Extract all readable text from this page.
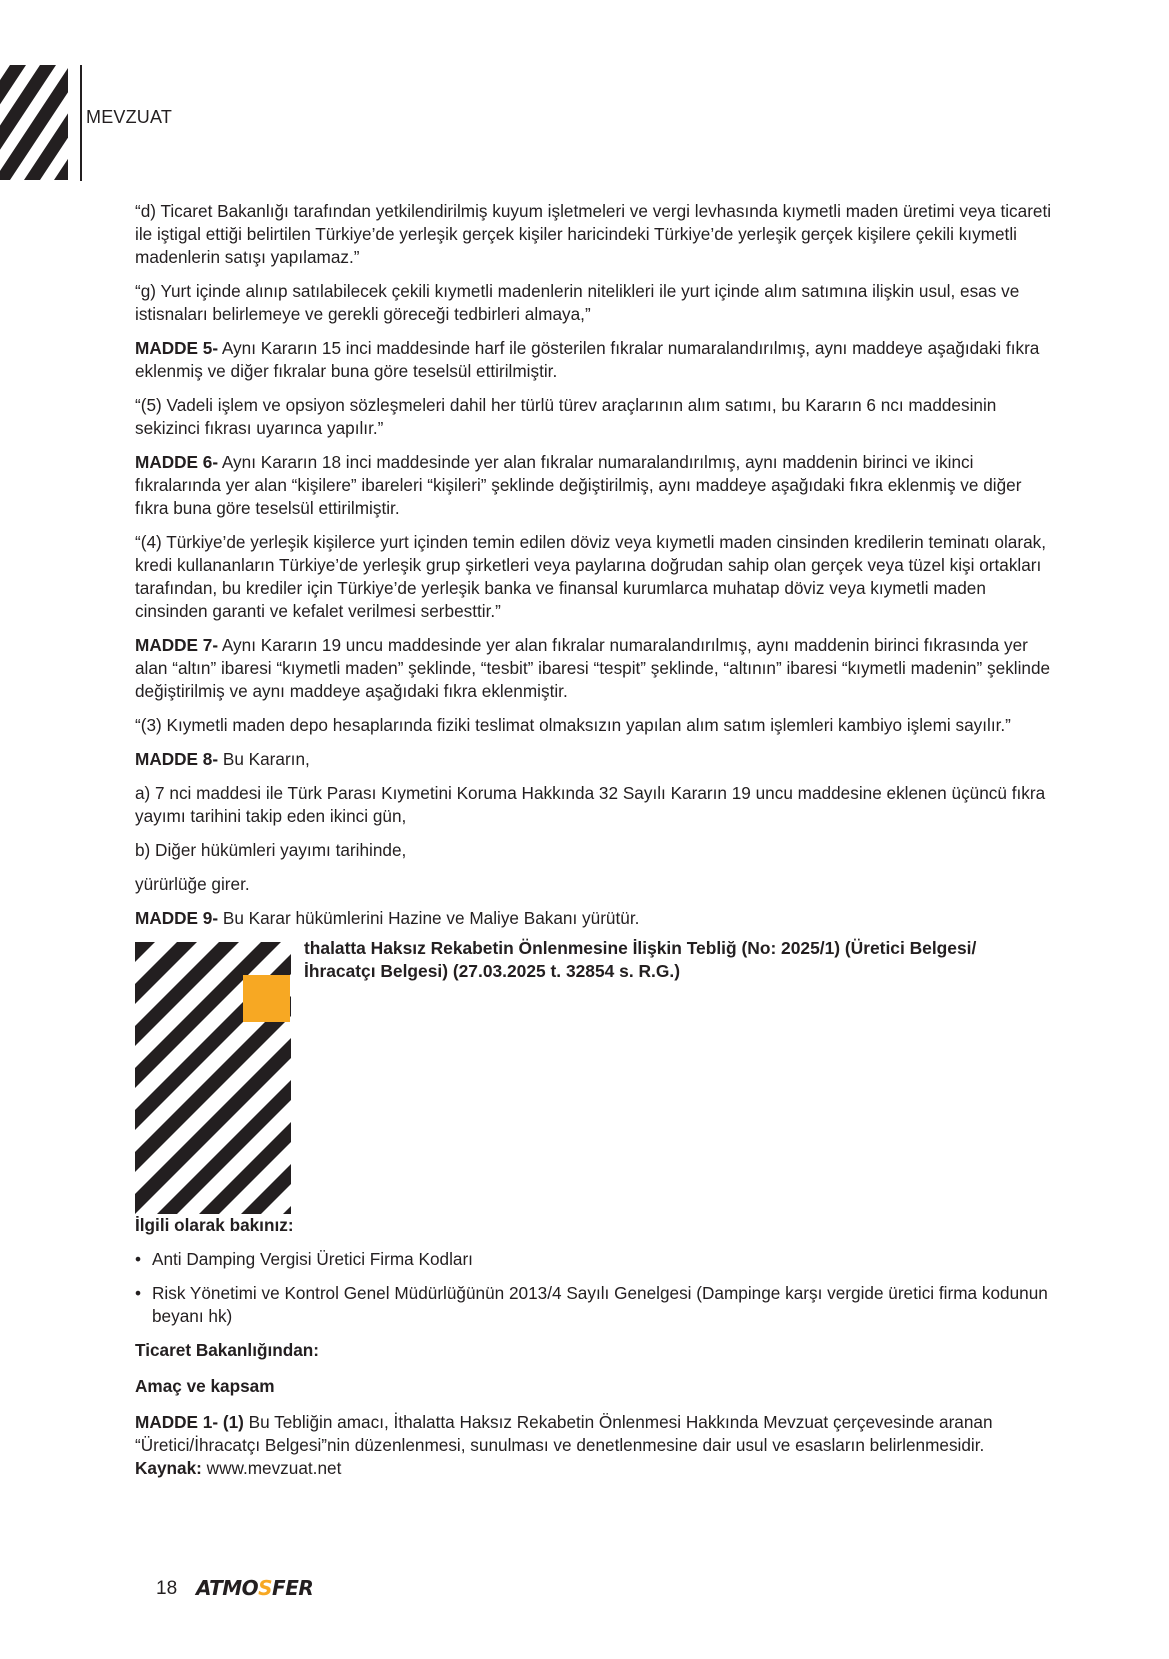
MEVZUAT

“d) Ticaret Bakanlığı tarafından yetkilendirilmiş kuyum işletmeleri ve vergi levhasında kıymetli maden üretimi veya ticareti ile iştigal ettiği belirtilen Türkiye’de yerleşik gerçek kişiler haricindeki Türkiye’de yerleşik gerçek kişilere çekili kıymetli madenlerin satışı yapılamaz.”

“g) Yurt içinde alınıp satılabilecek çekili kıymetli madenlerin nitelikleri ile yurt içinde alım satımına ilişkin usul, esas ve istisnaları belirlemeye ve gerekli göreceği tedbirleri almaya,”

MADDE 5- Aynı Kararın 15 inci maddesinde harf ile gösterilen fıkralar numaralandırılmış, aynı maddeye aşağıdaki fıkra eklenmiş ve diğer fıkralar buna göre teselsül ettirilmiştir.

“(5) Vadeli işlem ve opsiyon sözleşmeleri dahil her türlü türev araçlarının alım satımı, bu Kararın 6 ncı maddesinin sekizinci fıkrası uyarınca yapılır.”

MADDE 6- Aynı Kararın 18 inci maddesinde yer alan fıkralar numaralandırılmış, aynı maddenin birinci ve ikinci fıkralarında yer alan “kişilere” ibareleri “kişileri” şeklinde değiştirilmiş, aynı maddeye aşağıdaki fıkra eklenmiş ve diğer fıkra buna göre teselsül ettirilmiştir.

“(4) Türkiye’de yerleşik kişilerce yurt içinden temin edilen döviz veya kıymetli maden cinsinden kredilerin teminatı olarak, kredi kullananların Türkiye’de yerleşik grup şirketleri veya paylarına doğrudan sahip olan gerçek veya tüzel kişi ortakları tarafından, bu krediler için Türkiye’de yerleşik banka ve finansal kurumlarca muhatap döviz veya kıymetli maden cinsinden garanti ve kefalet verilmesi serbesttir.”

MADDE 7- Aynı Kararın 19 uncu maddesinde yer alan fıkralar numaralandırılmış, aynı maddenin birinci fıkrasında yer alan “altın” ibaresi “kıymetli maden” şeklinde, “tesbit” ibaresi “tespit” şeklinde, “altının” ibaresi “kıymetli madenin” şeklinde değiştirilmiş ve aynı maddeye aşağıdaki fıkra eklenmiştir.

“(3) Kıymetli maden depo hesaplarında fiziki teslimat olmaksızın yapılan alım satım işlemleri kambiyo işlemi sayılır.”

MADDE 8- Bu Kararın,

a) 7 nci maddesi ile Türk Parası Kıymetini Koruma Hakkında 32 Sayılı Kararın 19 uncu maddesine eklenen üçüncü fıkra yayımı tarihini takip eden ikinci gün,

b) Diğer hükümleri yayımı tarihinde,

yürürlüğe girer.

MADDE 9- Bu Karar hükümlerini Hazine ve Maliye Bakanı yürütür.

thalatta Haksız Rekabetin Önlenmesine İlişkin Tebliğ (No: 2025/1) (Üretici Belgesi/ İhracatçı Belgesi) (27.03.2025 t. 32854 s. R.G.)

İlgili olarak bakınız:

• Anti Damping Vergisi Üretici Firma Kodları
• Risk Yönetimi ve Kontrol Genel Müdürlüğünün 2013/4 Sayılı Genelgesi (Dampinge karşı vergide üretici firma kodunun beyanı hk)

Ticaret Bakanlığından:

Amaç ve kapsam

MADDE 1- (1) Bu Tebliğin amacı, İthalatta Haksız Rekabetin Önlenmesi Hakkında Mevzuat çerçevesinde aranan “Üretici/İhracatçı Belgesi”nin düzenlenmesi, sunulması ve denetlenmesine dair usul ve esasların belirlenmesidir.

Kaynak: www.mevzuat.net

18 ATMOSFER
